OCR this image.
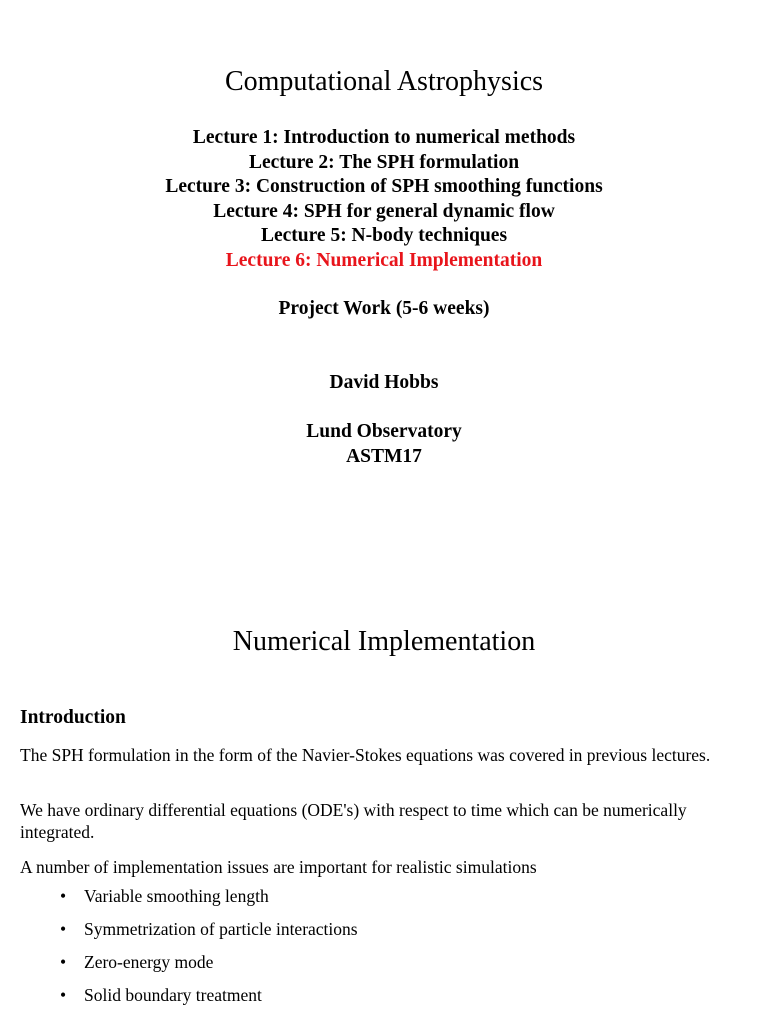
Computational Astrophysics
Lecture 1: Introduction to numerical methods
Lecture 2: The SPH formulation
Lecture 3: Construction of SPH smoothing functions
Lecture 4: SPH for general dynamic flow
Lecture 5: N-body techniques
Lecture 6: Numerical Implementation
Project Work (5-6 weeks)
David Hobbs
Lund Observatory
ASTM17
Numerical Implementation
Introduction
The SPH formulation in the form of the Navier-Stokes equations was covered in previous lectures.
We have ordinary differential equations (ODE's) with respect to time which can be numerically integrated.
A number of implementation issues are important for realistic simulations
• Variable smoothing length
• Symmetrization of particle interactions
• Zero-energy mode
• Solid boundary treatment
